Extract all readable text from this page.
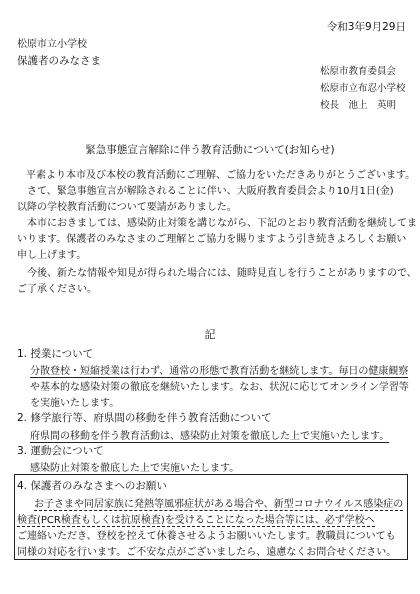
令和3年9月29日
松原市立小学校
保護者のみなさま
松原市教育委員会
松原市立布忍小学校
校長　池上　英明
緊急事態宣言解除に伴う教育活動について(お知らせ)
平素より本市及び本校の教育活動にご理解、ご協力をいただきありがとうございます。
さて、緊急事態宣言が解除されることに伴い、大阪府教育委員会より10月1日(金)
以降の学校教育活動について要請がありました。
本市におきましては、感染防止対策を講じながら、下記のとおり教育活動を継続してま
いります。保護者のみなさまのご理解とご協力を賜りますよう引き続きよろしくお願い
申し上げます。
今後、新たな情報や知見が得られた場合には、随時見直しを行うことがありますので、
ご了承ください。
記
1. 授業について
分散登校・短縮授業は行わず、通常の形態で教育活動を継続します。毎日の健康観察
や基本的な感染対策の徹底を継続いたします。なお、状況に応じてオンライン学習等
を実施いたします。
2. 修学旅行等、府県間の移動を伴う教育活動について
府県間の移動を伴う教育活動は、感染防止対策を徹底した上で実施いたします。
3. 運動会について
感染防止対策を徹底した上で実施いたします。
4. 保護者のみなさまへのお願い
お子さまや同居家族に発熱等風邪症状がある場合や、新型コロナウイルス感染症の
検査(PCR検査もしくは抗原検査)を受けることになった場合等には、必ず学校へ
ご連絡いただき、登校を控えて休養させるようお願いいたします。教職員についても
同様の対応を行います。ご不安な点がございましたら、遠慮なくお問合せください。
